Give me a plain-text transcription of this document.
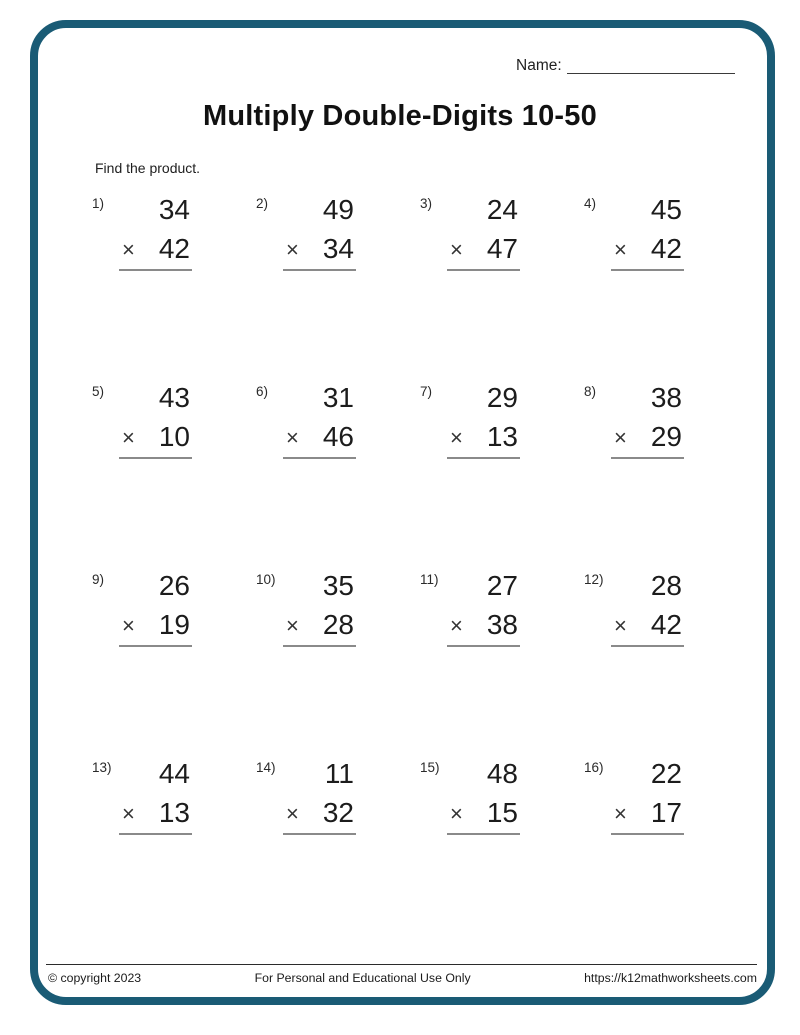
Name:
Multiply Double-Digits 10-50
Find the product.
1)	34
× 42
2)	49
× 34
3)	24
× 47
4)	45
× 42
5)	43
× 10
6)	31
× 46
7)	29
× 13
8)	38
× 29
9)	26
× 19
10)	35
× 28
11)	27
× 38
12)	28
× 42
13)	44
× 13
14)	11
× 32
15)	48
× 15
16)	22
× 17
© copyright 2023	For Personal and Educational Use Only	https://k12mathworksheets.com
